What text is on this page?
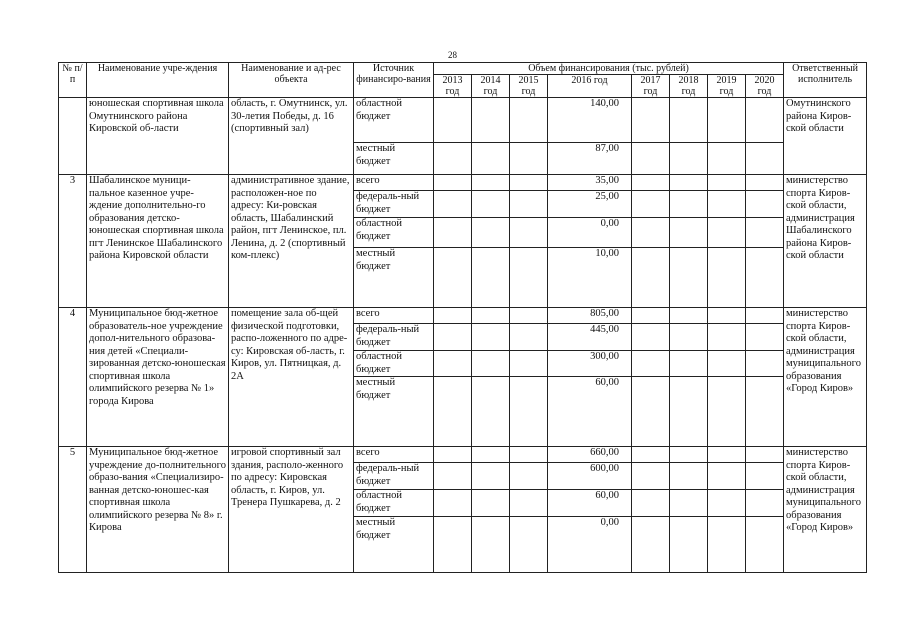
28
№ п/п	Наименование учре-ждения	Наименование и ад-рес объекта	Источник финансиро-вания	Объем финансирования (тыс. рублей)								Ответственный исполнитель
				2013 год	2014 год	2015 год	2016 год	2017 год	2018 год	2019 год	2020 год	
	юношеская спортивная школа Омутнинского района Кировской об-ласти	область, г. Омутнинск, ул. 30-летия Победы, д. 16 (спортивный зал)	областной бюджет				140,00					Омутнинского района Киров-ской области
			местный бюджет				87,00					
3	Шабалинское муници-пальное казенное учре-ждение дополнительно-го образования детско-юношеская спортивная школа пгт Ленинское Шабалинского района Кировской области	административное здание, расположен-ное по адресу: Ки-ровская область, Шабалинский район, пгт Ленинское, пл. Ленина, д. 2 (спортивный ком-плекс)	всего				35,00					министерство спорта Киров-ской области, администрация Шабалинского района Киров-ской области
			федераль-ный бюджет				25,00					
			областной бюджет				0,00					
			местный бюджет				10,00					
4	Муниципальное бюд-жетное образователь-ное учреждение допол-нительного образова-ния детей «Специали-зированная детско-юношеская спортивная школа олимпийского резерва № 1» города Кирова	помещение зала об-щей физической подготовки, распо-ложенного по адре-су: Кировская об-ласть, г. Киров, ул. Пятницкая, д. 2А	всего				805,00					министерство спорта Киров-ской области, администрация муниципального образования «Город Киров»
			федераль-ный бюджет				445,00					
			областной бюджет				300,00					
			местный бюджет				60,00					
5	Муниципальное бюд-жетное учреждение до-полнительного образо-вания «Специализиро-ванная детско-юношес-кая спортивная школа олимпийского резерва № 8» г. Кирова	игровой спортивный зал здания, располо-женного по адресу: Кировская область, г. Киров, ул. Тренера Пушкарева, д. 2	всего				660,00					министерство спорта Киров-ской области, администрация муниципального образования «Город Киров»
			федераль-ный бюджет				600,00					
			областной бюджет				60,00					
			местный бюджет				0,00					
